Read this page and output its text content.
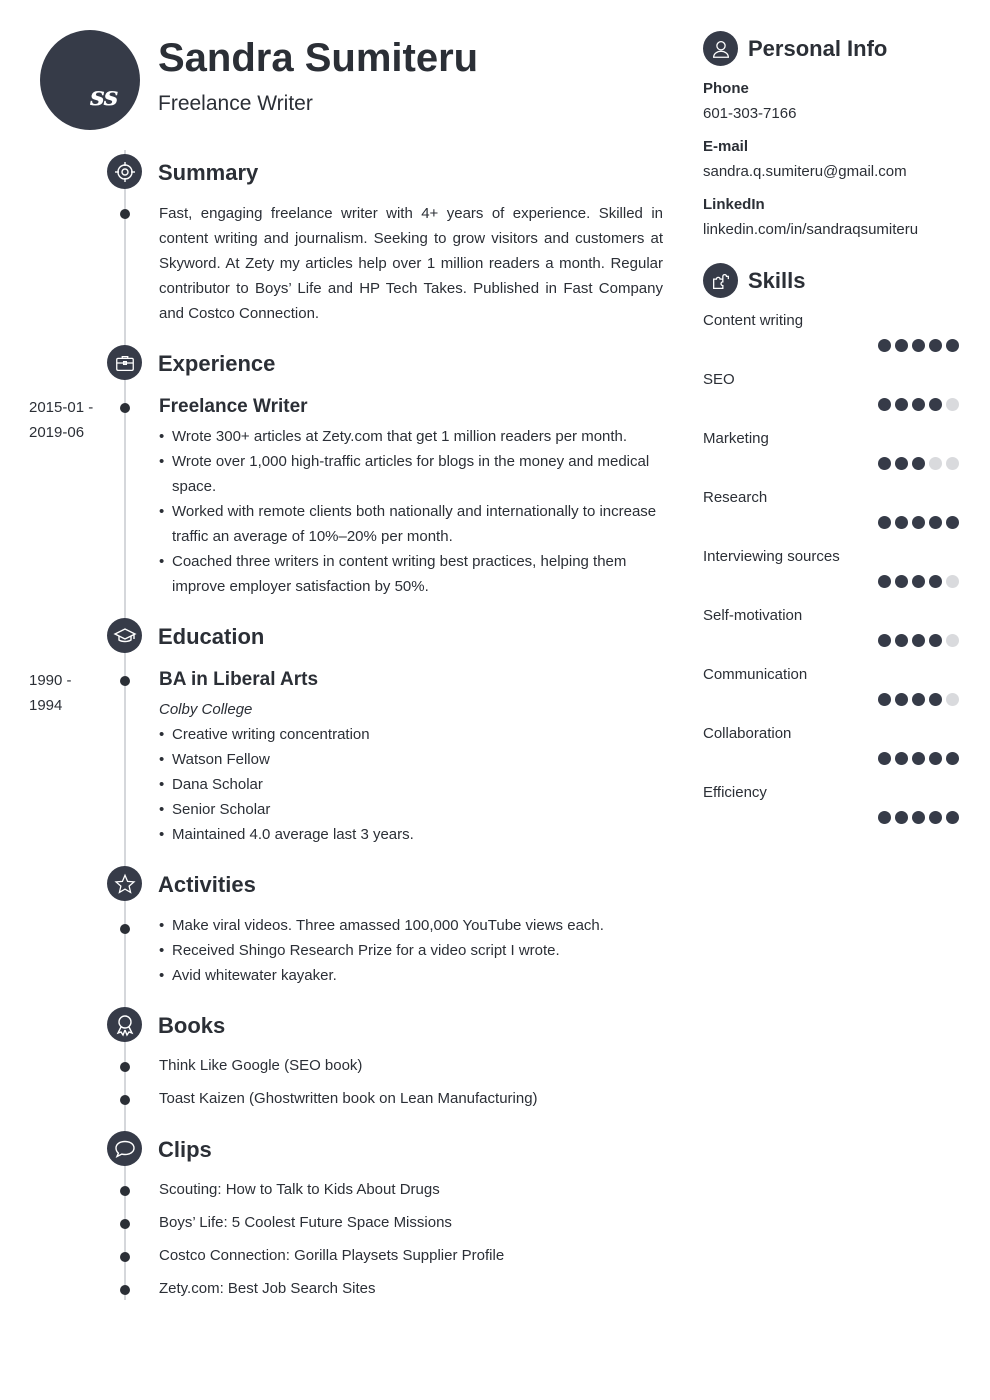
ss
Sandra Sumiteru
Freelance Writer
Summary
Fast, engaging freelance writer with 4+ years of experience. Skilled in content writing and journalism. Seeking to grow visitors and customers at Skyword. At Zety my articles help over 1 million readers a month. Regular contributor to Boys’ Life and HP Tech Takes. Published in Fast Company and Costco Connection.
Experience
2015-01 -
2019-06
Freelance Writer
• Wrote 300+ articles at Zety.com that get 1 million readers per month.
• Wrote over 1,000 high-traffic articles for blogs in the money and medical space.
• Worked with remote clients both nationally and internationally to increase traffic an average of 10%–20% per month.
• Coached three writers in content writing best practices, helping them improve employer satisfaction by 50%.
Education
1990 -
1994
BA in Liberal Arts
Colby College
• Creative writing concentration
• Watson Fellow
• Dana Scholar
• Senior Scholar
• Maintained 4.0 average last 3 years.
Activities
• Make viral videos. Three amassed 100,000 YouTube views each.
• Received Shingo Research Prize for a video script I wrote.
• Avid whitewater kayaker.
Books
Think Like Google (SEO book)
Toast Kaizen (Ghostwritten book on Lean Manufacturing)
Clips
Scouting: How to Talk to Kids About Drugs
Boys’ Life: 5 Coolest Future Space Missions
Costco Connection: Gorilla Playsets Supplier Profile
Zety.com: Best Job Search Sites
Personal Info
Phone
601-303-7166
E-mail
sandra.q.sumiteru@gmail.com
LinkedIn
linkedin.com/in/sandraqsumiteru
Skills
Content writing
SEO
Marketing
Research
Interviewing sources
Self-motivation
Communication
Collaboration
Efficiency
